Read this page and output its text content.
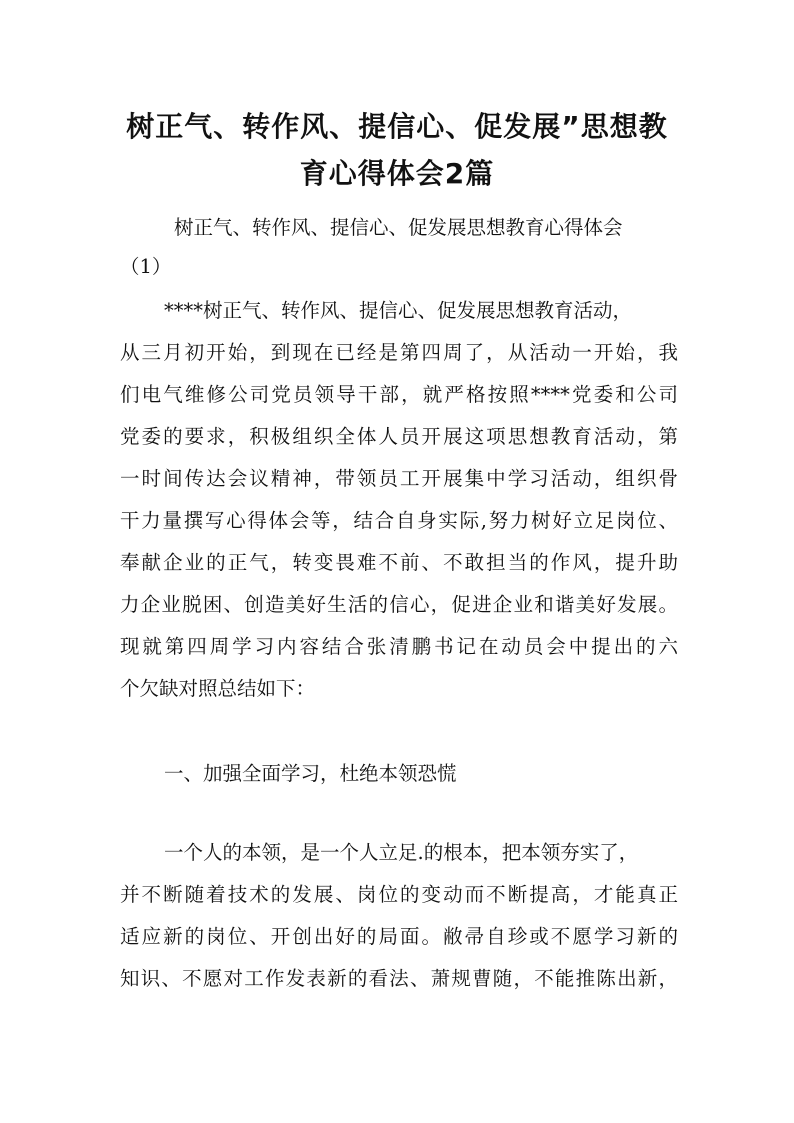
树正气、转作风、提信心、促发展”思想教
育心得体会2篇

树正气、转作风、提信心、促发展思想教育心得体会

（1）

****树正气、转作风、提信心、促发展思想教育活动，

从三月初开始，到现在已经是第四周了，从活动一开始，我

们电气维修公司党员领导干部，就严格按照****党委和公司

党委的要求，积极组织全体人员开展这项思想教育活动，第

一时间传达会议精神，带领员工开展集中学习活动，组织骨

干力量撰写心得体会等，结合自身实际,努力树好立足岗位、

奉献企业的正气，转变畏难不前、不敢担当的作风，提升助

力企业脱困、创造美好生活的信心，促进企业和谐美好发展。

现就第四周学习内容结合张清鹏书记在动员会中提出的六

个欠缺对照总结如下：

一、加强全面学习，杜绝本领恐慌

一个人的本领，是一个人立足.的根本，把本领夯实了，

并不断随着技术的发展、岗位的变动而不断提高，才能真正

适应新的岗位、开创出好的局面。敝帚自珍或不愿学习新的

知识、不愿对工作发表新的看法、萧规曹随，不能推陈出新，
